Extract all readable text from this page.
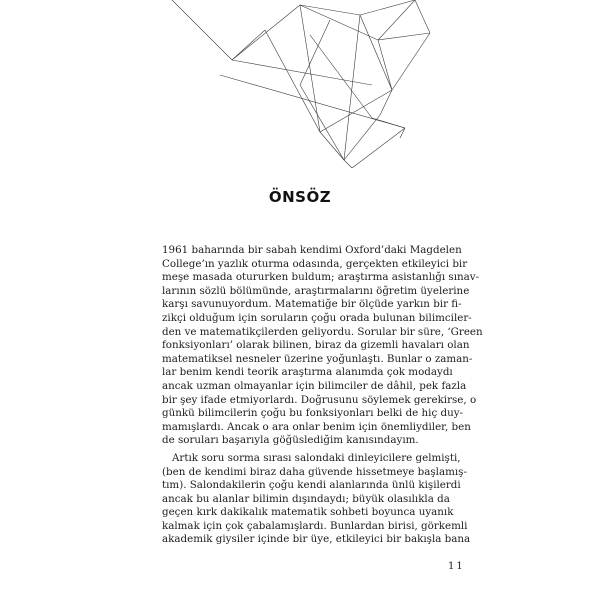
ÖNSÖZ
1961 baharında bir sabah kendimi Oxford’daki Magdelen
College’ın yazlık oturma odasında, gerçekten etkileyici bir
meşe masada otururken buldum; araştırma asistanlığı sınav-
larının sözlü bölümünde, araştırmalarını öğretim üyelerine
karşı savunuyordum. Matematiğe bir ölçüde yarkın bir fi-
zikçi olduğum için soruların çoğu orada bulunan bilimciler-
den ve matematikçilerden geliyordu. Sorular bir süre, ‘Green
fonksiyonları’ olarak bilinen, biraz da gizemli havaları olan
matematiksel nesneler üzerine yoğunlaştı. Bunlar o zaman-
lar benim kendi teorik araştırma alanımda çok modaydı
ancak uzman olmayanlar için bilimciler de dâhil, pek fazla
bir şey ifade etmiyorlardı. Doğrusunu söylemek gerekirse, o
günkü bilimcilerin çoğu bu fonksiyonları belki de hiç duy-
mamışlardı. Ancak o ara onlar benim için önemliydiler, ben
de soruları başarıyla göğüslediğim kanısındayım.
Artık soru sorma sırası salondaki dinleyicilere gelmişti,
(ben de kendimi biraz daha güvende hissetmeye başlamış-
tım). Salondakilerin çoğu kendi alanlarında ünlü kişilerdi
ancak bu alanlar bilimin dışındaydı; büyük olasılıkla da
geçen kırk dakikalık matematik sohbeti boyunca uyanık
kalmak için çok çabalamışlardı. Bunlardan birisi, görkemli
akademik giysiler içinde bir üye, etkileyici bir bakışla bana
11
